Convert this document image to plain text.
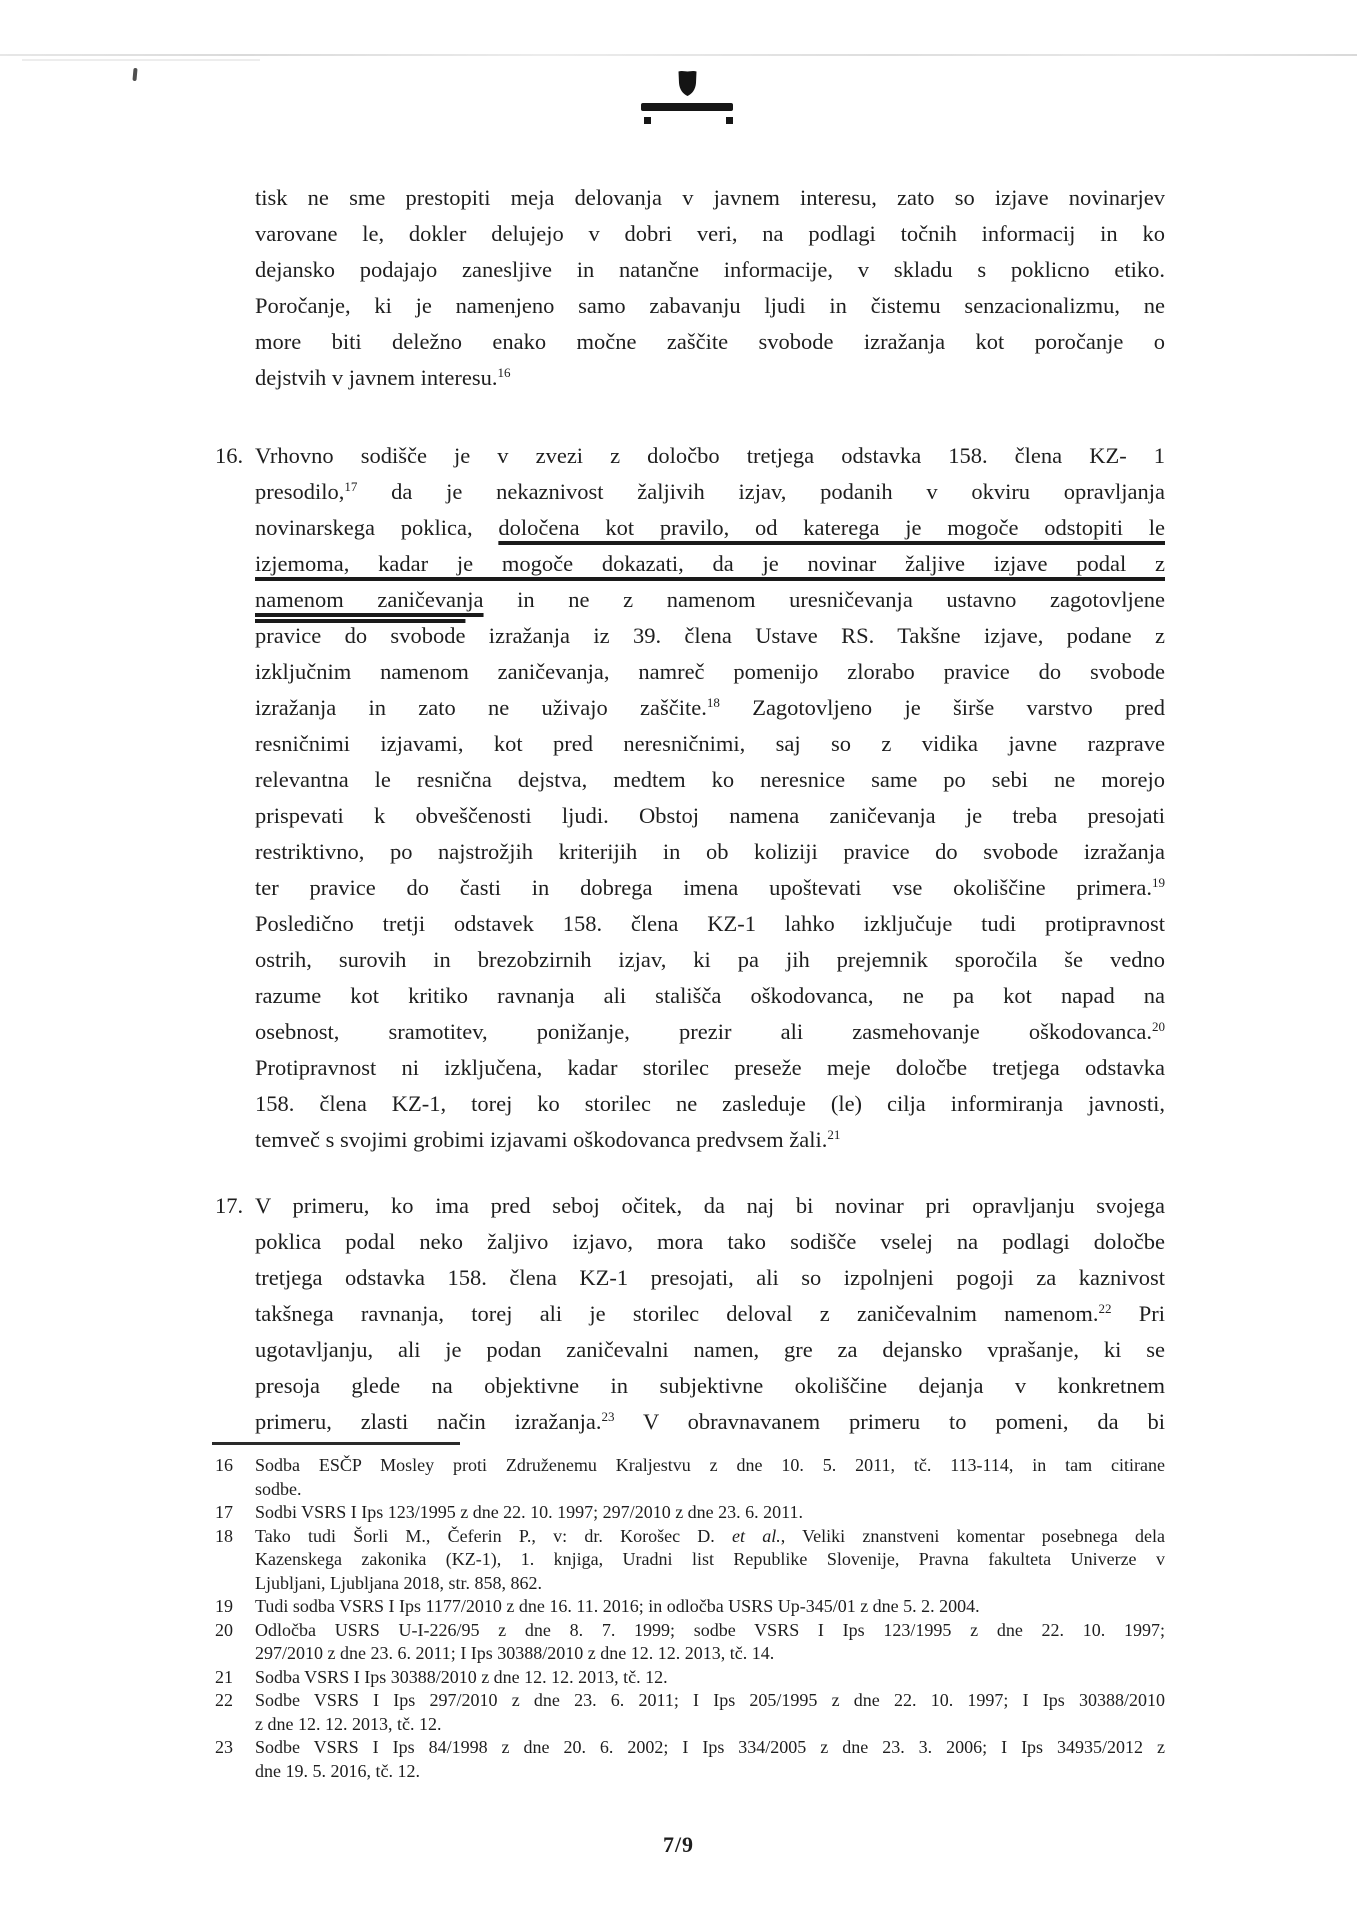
tisk ne sme prestopiti meja delovanja v javnem interesu, zato so izjave novinarjev
varovane le, dokler delujejo v dobri veri, na podlagi točnih informacij in ko
dejansko podajajo zanesljive in natančne informacije, v skladu s poklicno etiko.
Poročanje, ki je namenjeno samo zabavanju ljudi in čistemu senzacionalizmu, ne
more biti deležno enako močne zaščite svobode izražanja kot poročanje o
dejstvih v javnem interesu.$^{16}$
16. Vrhovno sodišče je v zvezi z določbo tretjega odstavka 158. člena KZ- 1
presodilo,$^{17}$ da je nekaznivost žaljivih izjav, podanih v okviru opravljanja
novinarskega poklica, določena kot pravilo, od katerega je mogoče odstopiti le
izjemoma, kadar je mogoče dokazati, da je novinar žaljive izjave podal z
namenom zaničevanja in ne z namenom uresničevanja ustavno zagotovljene
pravice do svobode izražanja iz 39. člena Ustave RS. Takšne izjave, podane z
izključnim namenom zaničevanja, namreč pomenijo zlorabo pravice do svobode
izražanja in zato ne uživajo zaščite.$^{18}$ Zagotovljeno je širše varstvo pred
resničnimi izjavami, kot pred neresničnimi, saj so z vidika javne razprave
relevantna le resnična dejstva, medtem ko neresnice same po sebi ne morejo
prispevati k obveščenosti ljudi. Obstoj namena zaničevanja je treba presojati
restriktivno, po najstrožjih kriterijih in ob koliziji pravice do svobode izražanja
ter pravice do časti in dobrega imena upoštevati vse okoliščine primera.$^{19}$
Posledično tretji odstavek 158. člena KZ-1 lahko izključuje tudi protipravnost
ostrih, surovih in brezobzirnih izjav, ki pa jih prejemnik sporočila še vedno
razume kot kritiko ravnanja ali stališča oškodovanca, ne pa kot napad na
osebnost, sramotitev, ponižanje, prezir ali zasmehovanje oškodovanca.$^{20}$
Protipravnost ni izključena, kadar storilec preseže meje določbe tretjega odstavka
158. člena KZ-1, torej ko storilec ne zasleduje (le) cilja informiranja javnosti,
temveč s svojimi grobimi izjavami oškodovanca predvsem žali.$^{21}$
17. V primeru, ko ima pred seboj očitek, da naj bi novinar pri opravljanju svojega
poklica podal neko žaljivo izjavo, mora tako sodišče vselej na podlagi določbe
tretjega odstavka 158. člena KZ-1 presojati, ali so izpolnjeni pogoji za kaznivost
takšnega ravnanja, torej ali je storilec deloval z zaničevalnim namenom.$^{22}$ Pri
ugotavljanju, ali je podan zaničevalni namen, gre za dejansko vprašanje, ki se
presoja glede na objektivne in subjektivne okoliščine dejanja v konkretnem
primeru, zlasti način izražanja.$^{23}$ V obravnavanem primeru to pomeni, da bi
16	Sodba ESČP Mosley proti Združenemu Kraljestvu z dne 10. 5. 2011, tč. 113-114, in tam citirane
sodbe.
17	Sodbi VSRS I Ips 123/1995 z dne 22. 10. 1997; 297/2010 z dne 23. 6. 2011.
18	Tako tudi Šorli M., Čeferin P., v: dr. Korošec D. et al., Veliki znanstveni komentar posebnega dela
Kazenskega zakonika (KZ-1), 1. knjiga, Uradni list Republike Slovenije, Pravna fakulteta Univerze v
Ljubljani, Ljubljana 2018, str. 858, 862.
19	Tudi sodba VSRS I Ips 1177/2010 z dne 16. 11. 2016; in odločba USRS Up-345/01 z dne 5. 2. 2004.
20	Odločba USRS U-I-226/95 z dne 8. 7. 1999; sodbe VSRS I Ips 123/1995 z dne 22. 10. 1997;
297/2010 z dne 23. 6. 2011; I Ips 30388/2010 z dne 12. 12. 2013, tč. 14.
21	Sodba VSRS I Ips 30388/2010 z dne 12. 12. 2013, tč. 12.
22	Sodbe VSRS I Ips 297/2010 z dne 23. 6. 2011; I Ips 205/1995 z dne 22. 10. 1997; I Ips 30388/2010
z dne 12. 12. 2013, tč. 12.
23	Sodbe VSRS I Ips 84/1998 z dne 20. 6. 2002; I Ips 334/2005 z dne 23. 3. 2006; I Ips 34935/2012 z
dne 19. 5. 2016, tč. 12.
7/9
